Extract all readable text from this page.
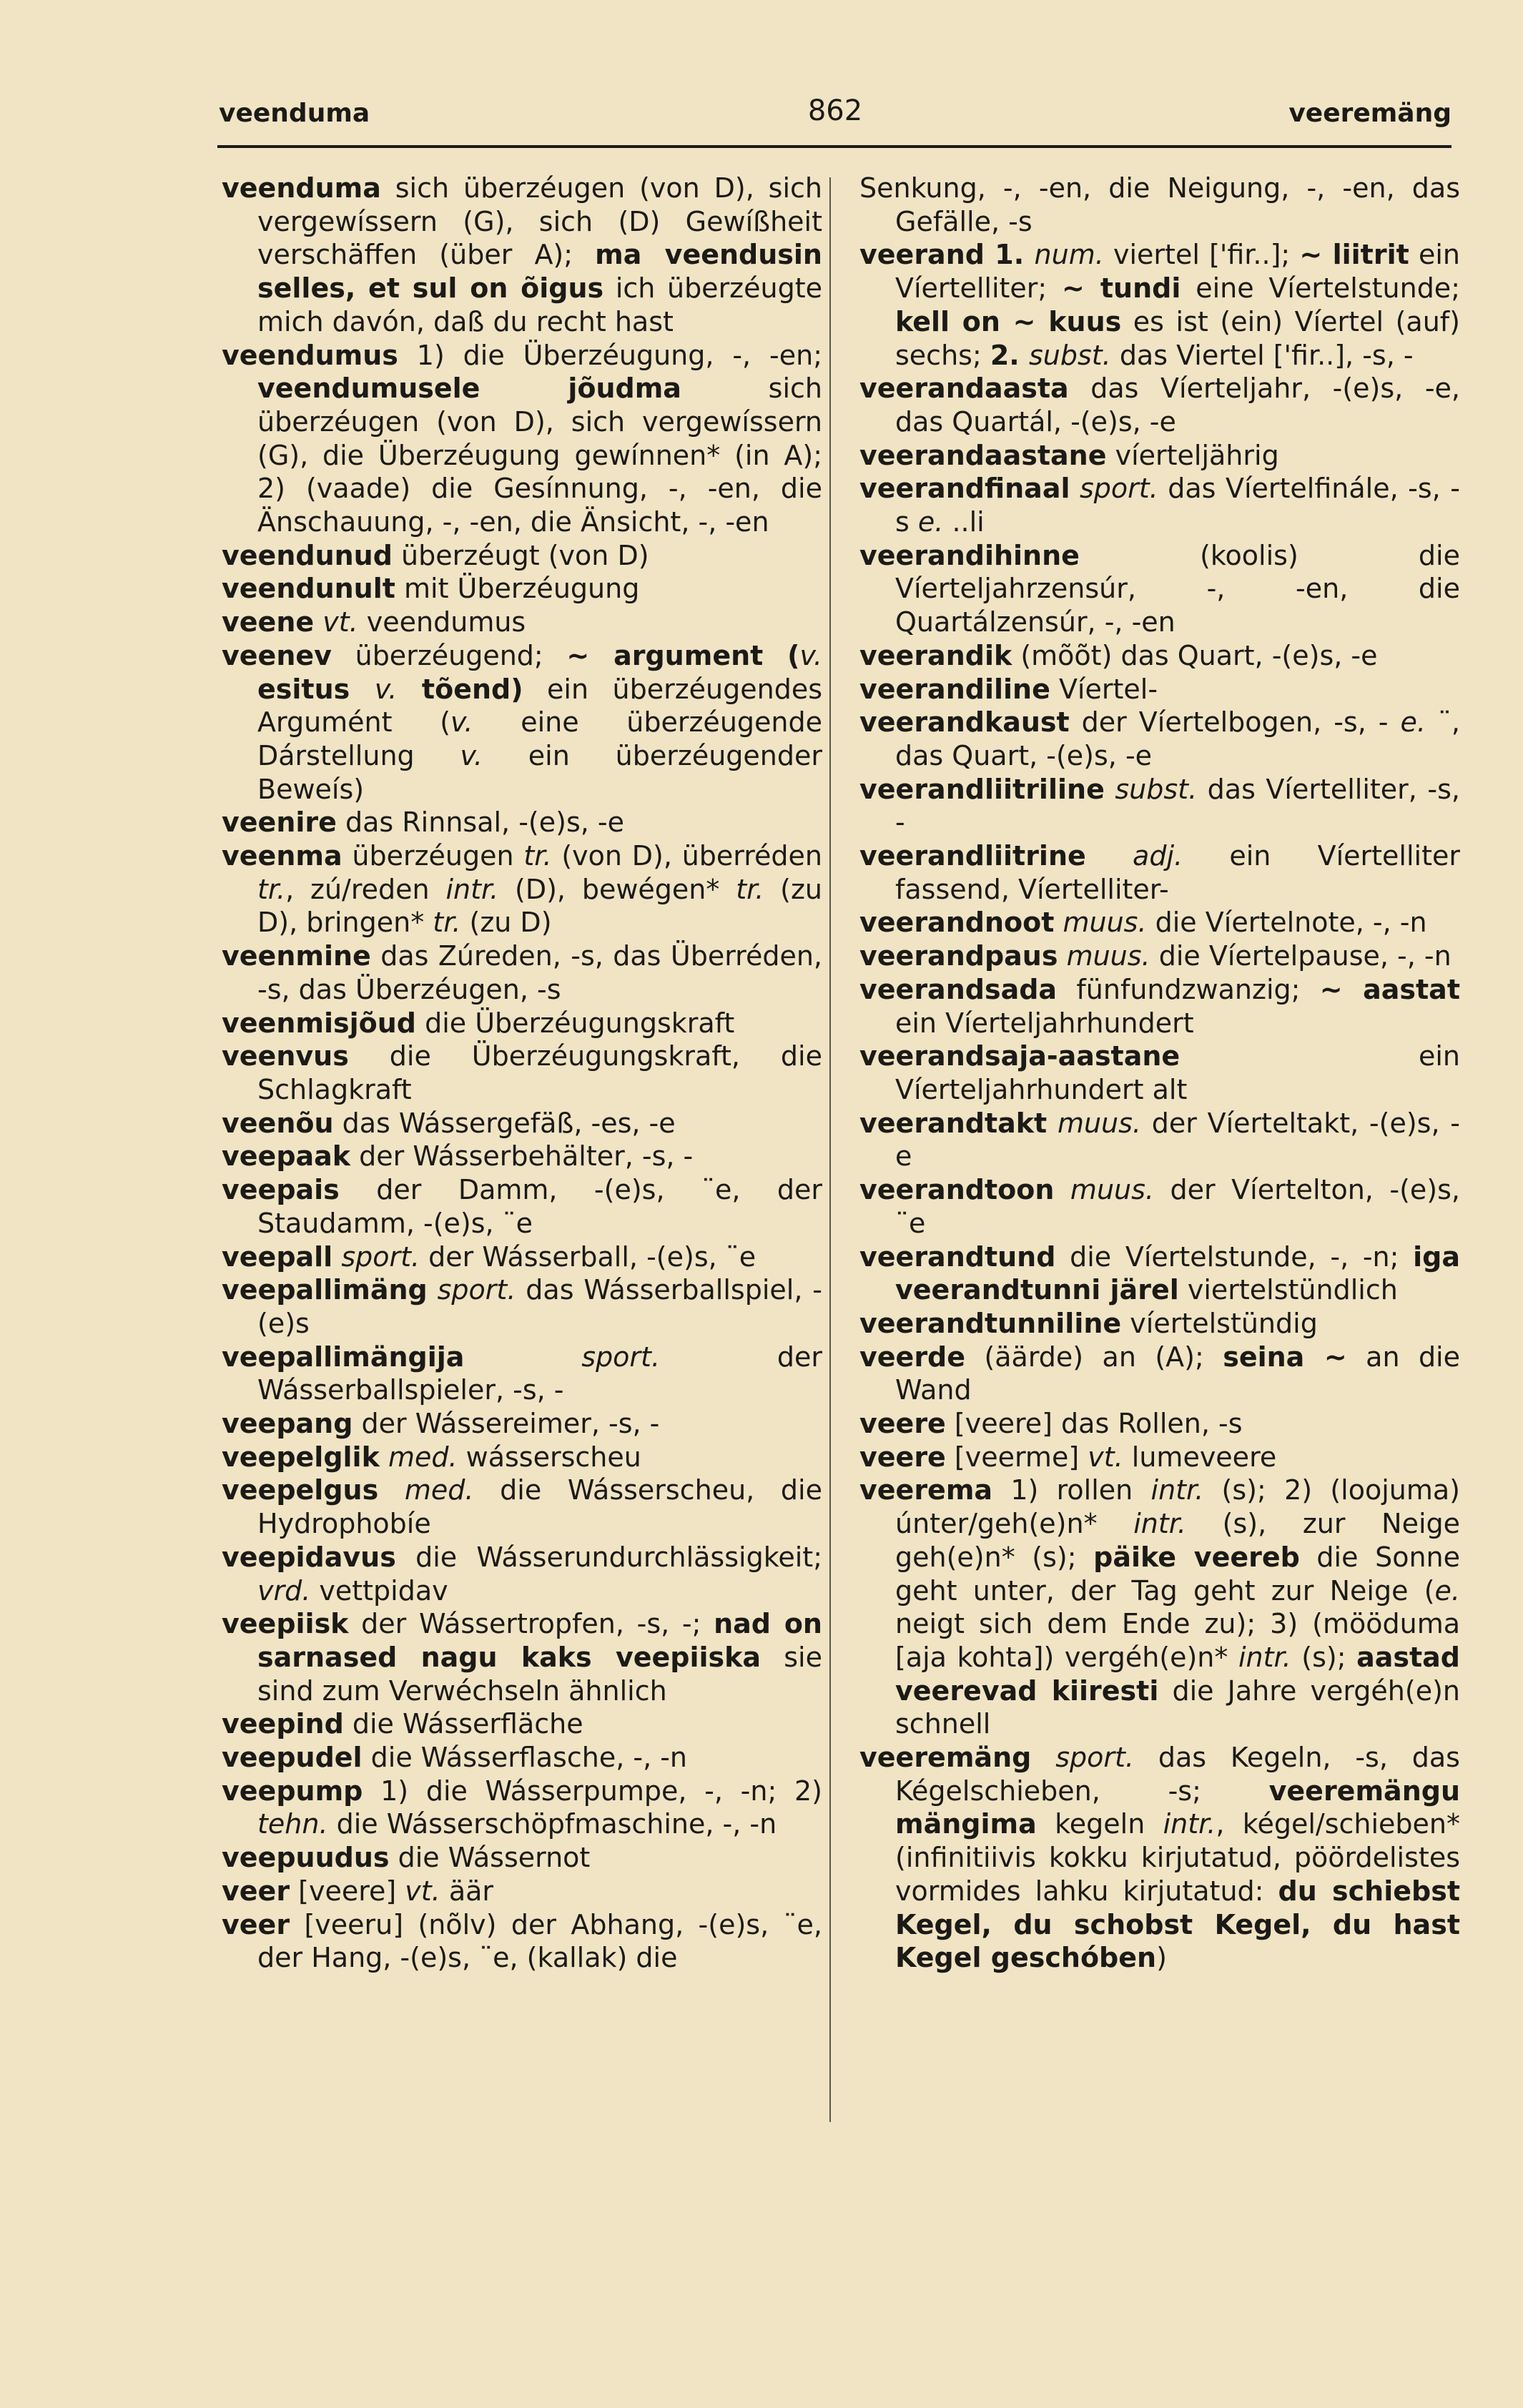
veenduma	862	veeremäng

veenduma sich überzéugen (von D), sich vergewíssern (G), sich (D) Gewíßheit verschäffen (über A); ma veendusin selles, et sul on õigus ich überzéugte mich davón, daß du recht hast

veendumus 1) die Überzéugung, -, -en; veendumusele jõudma sich überzéugen (von D), sich vergewíssern (G), die Überzéugung gewínnen* (in A); 2) (vaade) die Gesínnung, -, -en, die Änschauung, -, -en, die Änsicht, -, -en

veendunud überzéugt (von D)

veendunult mit Überzéugung

veene vt. veendumus

veenev überzéugend; ~ argument (v. esitus v. tõend) ein überzéugendes Argumént (v. eine überzéugende Dárstellung v. ein überzéugender Beweís)

veenire das Rinnsal, -(e)s, -e

veenma überzéugen tr. (von D), überréden tr., zú/reden intr. (D), bewégen* tr. (zu D), bringen* tr. (zu D)

veenmine das Zúreden, -s, das Überréden, -s, das Überzéugen, -s

veenmisjõud die Überzéugungskraft

veenvus die Überzéugungskraft, die Schlagkraft

veenõu das Wássergefäß, -es, -e

veepaak der Wásserbehälter, -s, -

veepais der Damm, -(e)s, ¨e, der Staudamm, -(e)s, ¨e

veepall sport. der Wásserball, -(e)s, ¨e

veepallimäng sport. das Wásserballspiel, -(e)s

veepallimängija	sport. der Wásserballspieler, -s, -

veepang der Wássereimer, -s, -

veepelglik med. wásserscheu

veepelgus med. die Wásserscheu, die Hydrophobíe

veepidavus die Wásserundurchlässigkeit; vrd. vettpidav

veepiisk der Wássertropfen, -s, -; nad on sarnased nagu kaks veepiiska sie sind zum Verwéchseln ähnlich

veepind die Wásserfläche

veepudel die Wásserflasche, -, -n

veepump 1) die Wásserpumpe, -, -n; 2) tehn. die Wásserschöpfmaschine, -, -n

veepuudus die Wássernot

veer [veere] vt. äär

veer [veeru] (nõlv) der Abhang, -(e)s, ¨e, der Hang, -(e)s, ¨e, (kallak) die

Senkung, -, -en, die Neigung, -, -en, das Gefälle, -s

veerand 1. num. viertel ['fir..]; ~ liitrit ein Víertelliter; ~ tundi eine Víertelstunde; kell on ~ kuus es ist (ein) Víertel (auf) sechs; 2. subst. das Viertel ['fir..], -s, -

veerandaasta das Víerteljahr, -(e)s, -e, das Quartál, -(e)s, -e

veerandaastane víerteljährig

veerandfinaal sport. das Víertelfinále, -s, -s e. ..li

veerandihinne (koolis) die Víerteljahrzensúr, -, -en, die Quartálzensúr, -, -en

veerandik (mõõt) das Quart, -(e)s, -e

veerandiline Víertel-

veerandkaust der Víertelbogen, -s, - e. ¨, das Quart, -(e)s, -e

veerandliitriline subst. das Víertelliter, -s, -

veerandliitrine adj. ein Víertelliter fassend, Víertelliter-

veerandnoot muus. die Víertelnote, -, -n

veerandpaus muus. die Víertelpause, -, -n

veerandsada fünfundzwanzig; ~ aastat ein Víerteljahrhundert

veerandsaja-aastane ein Víerteljahrhundert alt

veerandtakt muus. der Víerteltakt, -(e)s, -e

veerandtoon muus. der Víertelton, -(e)s, ¨e

veerandtund die Víertelstunde, -, -n; iga veerandtunni järel viertelstündlich

veerandtunniline víertelstündig

veerde (äärde) an (A); seina ~ an die Wand

veere [veere] das Rollen, -s

veere [veerme] vt. lumeveere

veerema 1) rollen intr. (s); 2) (loojuma) únter/geh(e)n* intr. (s), zur Neige geh(e)n* (s); päike veereb die Sonne geht unter, der Tag geht zur Neige (e. neigt sich dem Ende zu); 3) (mööduma [aja kohta]) vergéh(e)n* intr. (s); aastad veerevad kiiresti die Jahre vergéh(e)n schnell

veeremäng sport. das Kegeln, -s, das Kégelschieben, -s; veeremängu mängima kegeln intr., kégel/schieben* (infinitiivis kokku kirjutatud, pöördelistes vormides lahku kirjutatud: du schiebst Kegel, du schobst Kegel, du hast Kegel geschóben)
